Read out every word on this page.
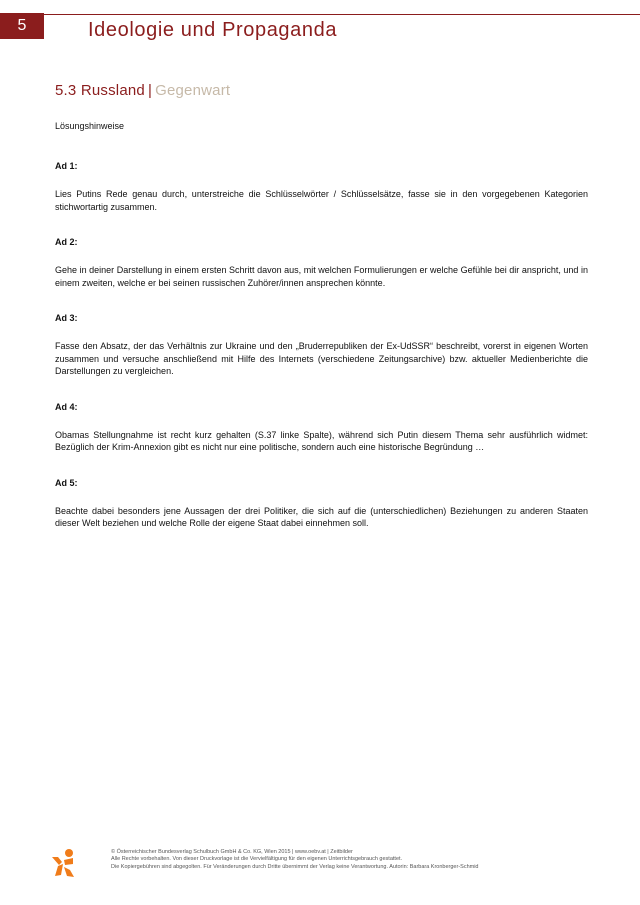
5	Ideologie und Propaganda
5.3 Russland | Gegenwart

Lösungshinweise

Ad 1:

Lies Putins Rede genau durch, unterstreiche die Schlüsselwörter / Schlüsselsätze, fasse sie in den vorgegebenen Kategorien stichwortartig zusammen.

Ad 2:

Gehe in deiner Darstellung in einem ersten Schritt davon aus, mit welchen Formulierungen er welche Gefühle bei dir anspricht, und in einem zweiten, welche er bei seinen russischen Zuhörer/innen ansprechen könnte.

Ad 3:

Fasse den Absatz, der das Verhältnis zur Ukraine und den „Bruderrepubliken der Ex-UdSSR“ beschreibt, vorerst in eigenen Worten zusammen und versuche anschließend mit Hilfe des Internets (verschiedene Zeitungsarchive) bzw. aktueller Medienberichte die Darstellungen zu vergleichen.

Ad 4:

Obamas Stellungnahme ist recht kurz gehalten (S.37 linke Spalte), während sich Putin diesem Thema sehr ausführlich widmet: Bezüglich der Krim-Annexion gibt es nicht nur eine politische, sondern auch eine historische Begründung …

Ad 5:

Beachte dabei besonders jene Aussagen der drei Politiker, die sich auf die (unterschiedlichen) Beziehungen zu anderen Staaten dieser Welt beziehen und welche Rolle der eigene Staat dabei einnehmen soll.

© Österreichischer Bundesverlag Schulbuch GmbH & Co. KG, Wien 2015 | www.oebv.at | Zeitbilder
Alle Rechte vorbehalten. Von dieser Druckvorlage ist die Vervielfältigung für den eigenen Unterrichtsgebrauch gestattet.
Die Kopiergebühren sind abgegolten. Für Veränderungen durch Dritte übernimmt der Verlag keine Verantwortung. Autorin: Barbara Kronberger-Schmid
